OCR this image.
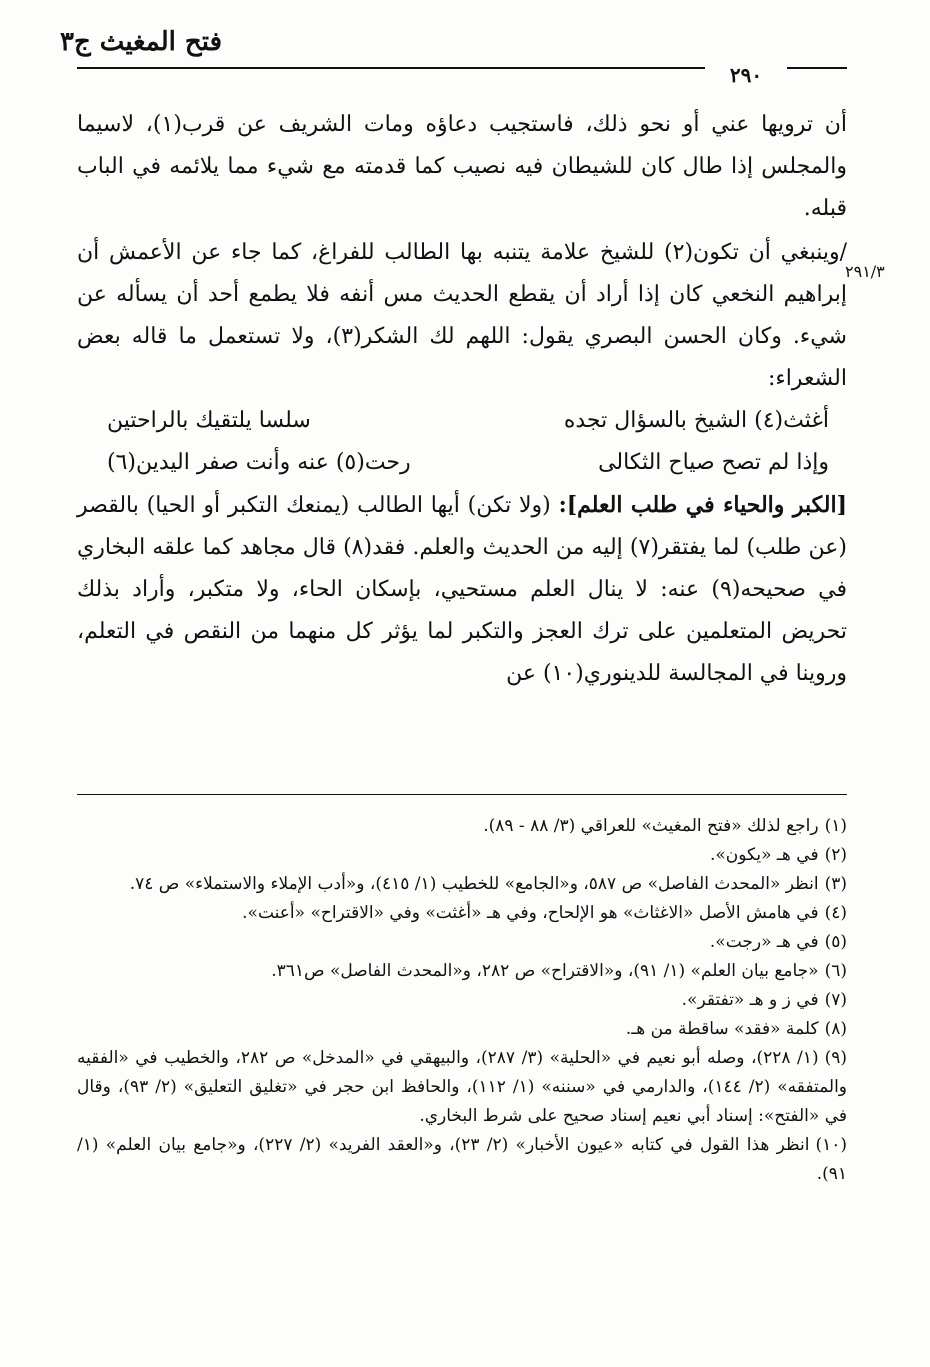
فتح المغيث ج٣
٢٩٠
٢٩١/٣

أن ترويها عني أو نحو ذلك، فاستجيب دعاؤه ومات الشريف عن قرب(١)، لاسيما والمجلس إذا طال كان للشيطان فيه نصيب كما قدمته مع شيء مما يلائمه في الباب قبله.

/وينبغي أن تكون(٢) للشيخ علامة يتنبه بها الطالب للفراغ، كما جاء عن الأعمش أن إبراهيم النخعي كان إذا أراد أن يقطع الحديث مس أنفه فلا يطمع أحد أن يسأله عن شيء. وكان الحسن البصري يقول: اللهم لك الشكر(٣)، ولا تستعمل ما قاله بعض الشعراء:

أغثث(٤) الشيخ بالسؤال تجده
سلسا يلتقيك بالراحتين
وإذا لم تصح صياح الثكالى
رحت(٥) عنه وأنت صفر اليدين(٦)

[الكبر والحياء في طلب العلم]: (ولا تكن) أيها الطالب (يمنعك التكبر أو الحيا) بالقصر (عن طلب) لما يفتقر(٧) إليه من الحديث والعلم. فقد(٨) قال مجاهد كما علقه البخاري في صحيحه(٩) عنه: لا ينال العلم مستحيي، بإسكان الحاء، ولا متكبر، وأراد بذلك تحريض المتعلمين على ترك العجز والتكبر لما يؤثر كل منهما من النقص في التعلم، وروينا في المجالسة للدينوري(١٠) عن

(١)راجع لذلك «فتح المغيث» للعراقي (٣/ ٨٨ - ٨٩).

(٢)في هـ «يكون».

(٣)انظر «المحدث الفاصل» ص ٥٨٧، و«الجامع» للخطيب (١/ ٤١٥)، و«أدب الإملاء والاستملاء» ص ٧٤.

(٤)في هامش الأصل «الاغثاث» هو الإلحاح، وفي هـ «أغثت» وفي «الاقتراح» «أعنت».

(٥)في هـ «رجت».

(٦)«جامع بيان العلم» (١/ ٩١)، و«الاقتراح» ص ٢٨٢، و«المحدث الفاصل» ص٣٦١.

(٧)في ز و هـ «تفتقر».

(٨)كلمة «فقد» ساقطة من هـ.

(٩)(١/ ٢٢٨)، وصله أبو نعيم في «الحلية» (٣/ ٢٨٧)، والبيهقي في «المدخل» ص ٢٨٢، والخطيب في «الفقيه والمتفقه» (٢/ ١٤٤)، والدارمي في «سننه» (١/ ١١٢)، والحافظ ابن حجر في «تغليق التعليق» (٢/ ٩٣)، وقال في «الفتح»: إسناد أبي نعيم إسناد صحيح على شرط البخاري.

(١٠)انظر هذا القول في كتابه «عيون الأخبار» (٢/ ٢٣)، و«العقد الفريد» (٢/ ٢٢٧)، و«جامع بيان العلم» (١/ ٩١).
